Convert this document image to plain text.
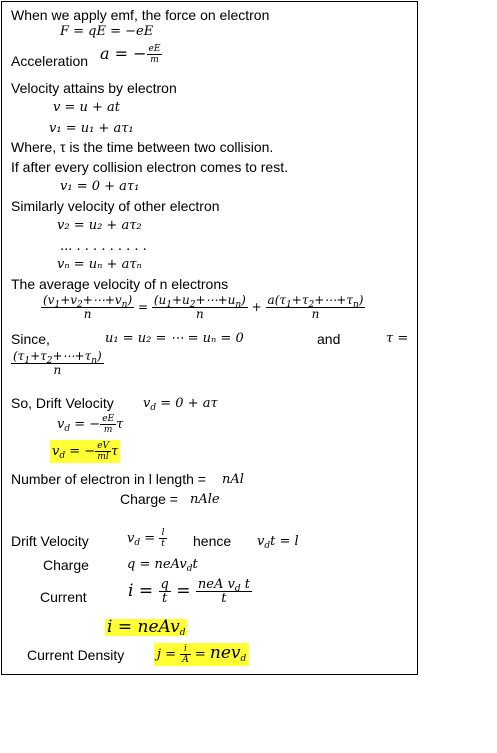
When we apply emf, the force on electron
F = qE = −eE
Acceleration a = − $\frac{eE}{m}$
Velocity attains by electron
v = u + at
v₁ = u₁ + aτ₁
Where, τ is the time between two collision.
If after every collision electron comes to rest.
v₁ = 0 + aτ₁
Similarly velocity of other electron
v₂ = u₂ + aτ₂
... . . . . . . . . .
vₙ = uₙ + aτₙ
The average velocity of n electrons
$\frac{(v_1+v_2+\cdots+v_n)}{n} = \frac{(u_1+u_2+\cdots+u_n)}{n} + \frac{a(\tau_1+\tau_2+\cdots+\tau_n)}{n}$
Since,	u₁ = u₂ = ⋯ = uₙ = 0	and	τ =
$\frac{(\tau_1+\tau_2+\cdots+\tau_n)}{n}$
So, Drift Velocity $v_d = 0 + a\tau$
$v_d$ = − $\frac{eE}{m}$ τ
$v_d$ = − $\frac{eV}{ml}$ τ
Number of electron in l length = nAl
Charge = nAle
Drift Velocity	$v_d = \frac{l}{t}$ hence $v_dt = l$
Charge	q = neAv$_d$t
Current $i = \frac{q}{t} = \frac{neA v_d t}{t}$
i = neAv$_d$
Current Density	$j = \frac{i}{A} = nev_d$
